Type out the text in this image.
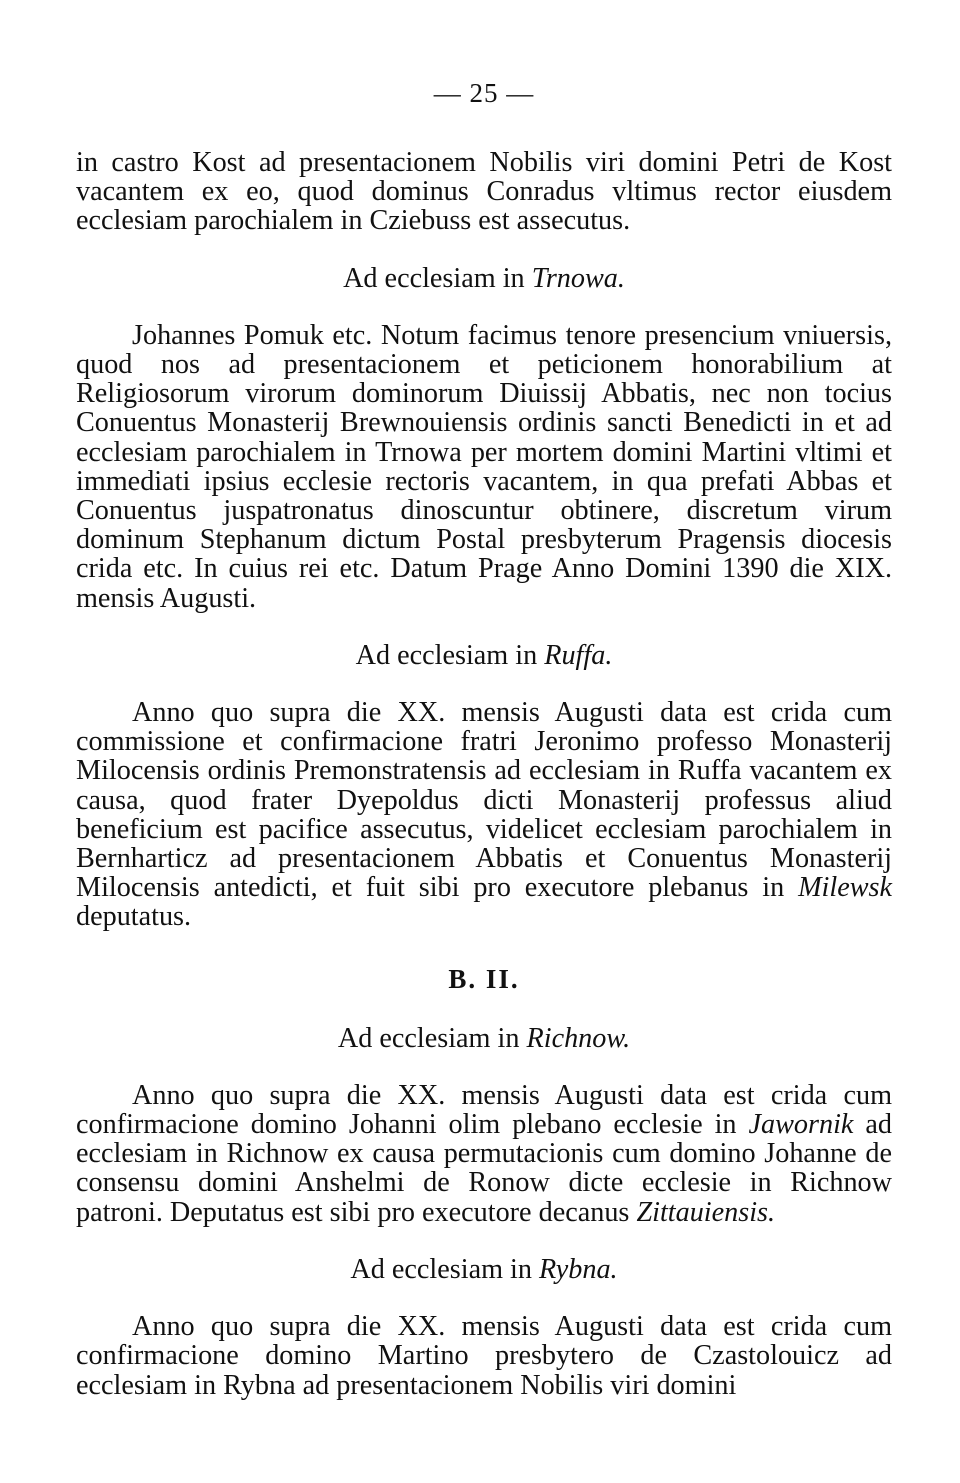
— 25 —
in castro Kost ad presentacionem Nobilis viri domini Petri de Kost vacantem ex eo, quod dominus Conradus vltimus rector eiusdem ecclesiam parochialem in Cziebuss est assecutus.
Ad ecclesiam in Trnowa.
Johannes Pomuk etc. Notum facimus tenore presencium vniuersis, quod nos ad presentacionem et peticionem honorabilium at Religiosorum virorum dominorum Diuissij Abbatis, nec non tocius Conuentus Monasterij Brewnouiensis ordinis sancti Benedicti in et ad ecclesiam parochialem in Trnowa per mortem domini Martini vltimi et immediati ipsius ecclesie rectoris vacantem, in qua prefati Abbas et Conuentus juspatronatus dinoscuntur obtinere, discretum virum dominum Stephanum dictum Postal presbyterum Pragensis diocesis crida etc. In cuius rei etc. Datum Prage Anno Domini 1390 die XIX. mensis Augusti.
Ad ecclesiam in Ruffa.
Anno quo supra die XX. mensis Augusti data est crida cum commissione et confirmacione fratri Jeronimo professo Monasterij Milocensis ordinis Premonstratensis ad ecclesiam in Ruffa vacantem ex causa, quod frater Dyepoldus dicti Monasterij professus aliud beneficium est pacifice assecutus, videlicet ecclesiam parochialem in Bernharticz ad presentacionem Abbatis et Conuentus Monasterij Milocensis antedicti, et fuit sibi pro executore plebanus in Milewsk deputatus.
B. II.
Ad ecclesiam in Richnow.
Anno quo supra die XX. mensis Augusti data est crida cum confirmacione domino Johanni olim plebano ecclesie in Jawornik ad ecclesiam in Richnow ex causa permutacionis cum domino Johanne de consensu domini Anshelmi de Ronow dicte ecclesie in Richnow patroni. Deputatus est sibi pro executore decanus Zittauiensis.
Ad ecclesiam in Rybna.
Anno quo supra die XX. mensis Augusti data est crida cum confirmacione domino Martino presbytero de Czastolouicz ad ecclesiam in Rybna ad presentacionem Nobilis viri domini
